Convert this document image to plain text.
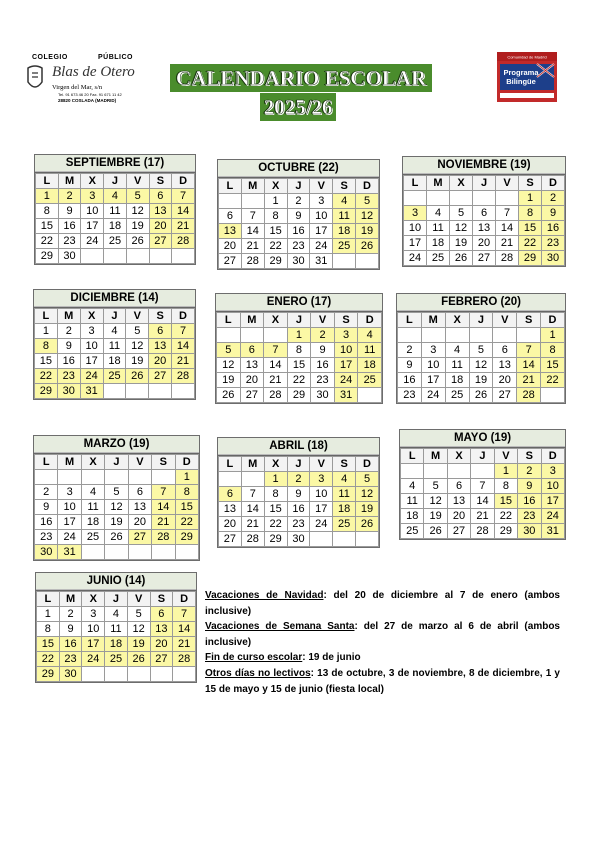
COLEGIO	PÚBLICO
Blas de Otero
Virgen del Mar, s/n
Tel. 91 673 46 20 Fax. 91 671 11 42
28820 COSLADA (MADRID)
CALENDARIO ESCOLAR
2025/26
Comunidad de Madrid
Programa
Bilingüe
SEPTIEMBRE (17)
L	M	X	J	V	S	D
1	2	3	4	5	6	7
8	9	10	11	12	13	14
15	16	17	18	19	20	21
22	23	24	25	26	27	28
29	30					
OCTUBRE (22)
L	M	X	J	V	S	D
		1	2	3	4	5
6	7	8	9	10	11	12
13	14	15	16	17	18	19
20	21	22	23	24	25	26
27	28	29	30	31		
NOVIEMBRE (19)
L	M	X	J	V	S	D
					1	2
3	4	5	6	7	8	9
10	11	12	13	14	15	16
17	18	19	20	21	22	23
24	25	26	27	28	29	30
DICIEMBRE (14)
L	M	X	J	V	S	D
1	2	3	4	5	6	7
8	9	10	11	12	13	14
15	16	17	18	19	20	21
22	23	24	25	26	27	28
29	30	31				
ENERO (17)
L	M	X	J	V	S	D
			1	2	3	4
5	6	7	8	9	10	11
12	13	14	15	16	17	18
19	20	21	22	23	24	25
26	27	28	29	30	31	
FEBRERO (20)
L	M	X	J	V	S	D
						1
2	3	4	5	6	7	8
9	10	11	12	13	14	15
16	17	18	19	20	21	22
23	24	25	26	27	28	
MARZO (19)
L	M	X	J	V	S	D
						1
2	3	4	5	6	7	8
9	10	11	12	13	14	15
16	17	18	19	20	21	22
23	24	25	26	27	28	29
30	31					
ABRIL (18)
L	M	X	J	V	S	D
		1	2	3	4	5
6	7	8	9	10	11	12
13	14	15	16	17	18	19
20	21	22	23	24	25	26
27	28	29	30			
MAYO (19)
L	M	X	J	V	S	D
				1	2	3
4	5	6	7	8	9	10
11	12	13	14	15	16	17
18	19	20	21	22	23	24
25	26	27	28	29	30	31
JUNIO (14)
L	M	X	J	V	S	D
1	2	3	4	5	6	7
8	9	10	11	12	13	14
15	16	17	18	19	20	21
22	23	24	25	26	27	28
29	30					

Vacaciones de Navidad: del 20 de diciembre al 7 de enero (ambos inclusive)

Vacaciones de Semana Santa: del 27 de marzo al 6 de abril (ambos inclusive)

Fin de curso escolar: 19 de junio

Otros días no lectivos: 13 de octubre, 3 de noviembre, 8 de diciembre, 1 y 15 de mayo y 15 de junio (fiesta local)
